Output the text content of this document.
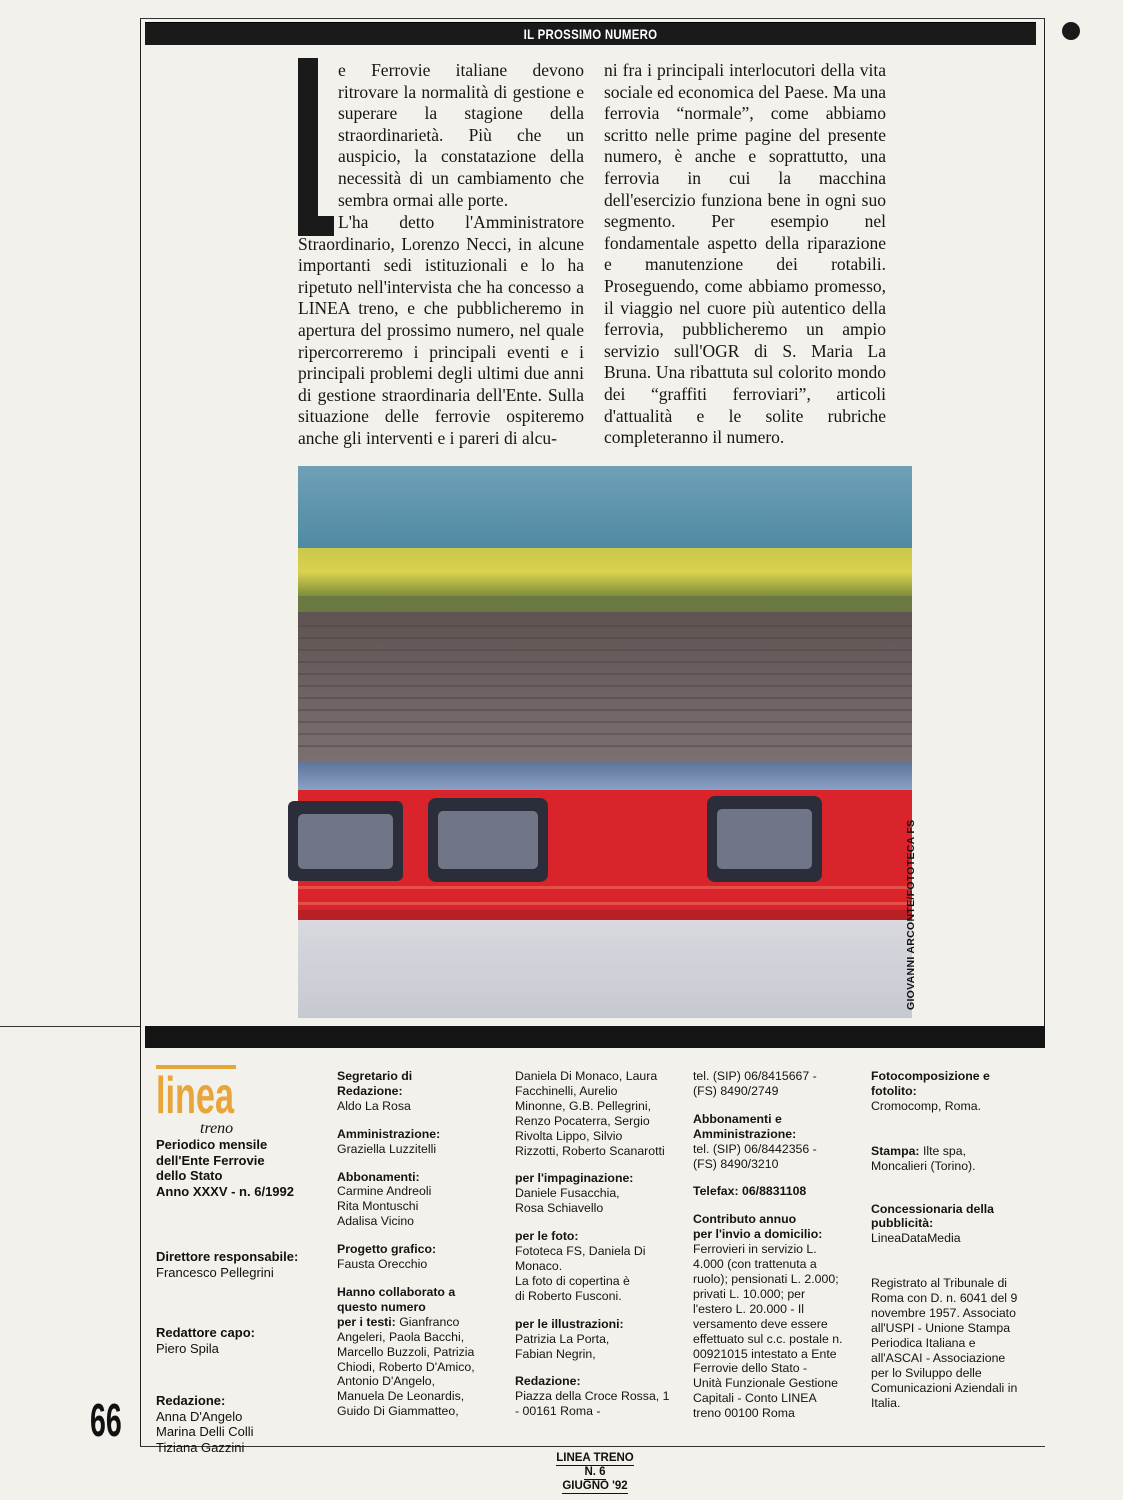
IL PROSSIMO NUMERO
e Ferrovie italiane devono ritrovare la normalità di gestione e superare la stagione della straordinarietà. Più che un auspicio, la constatazione della necessità di un cambiamento che sembra ormai alle porte.
L'ha detto l'Amministratore Straordinario, Lorenzo Necci, in alcune importanti sedi istituzionali e lo ha ripetuto nell'intervista che ha concesso a LINEA treno, e che pubblicheremo in apertura del prossimo numero, nel quale ripercorreremo i principali eventi e i principali problemi degli ultimi due anni di gestione straordinaria dell'Ente. Sulla situazione delle ferrovie ospiteremo anche gli interventi e i pareri di alcu-
ni fra i principali interlocutori della vita sociale ed economica del Paese. Ma una ferrovia “normale”, come abbiamo scritto nelle prime pagine del presente numero, è anche e soprattutto, una ferrovia in cui la macchina dell'esercizio funziona bene in ogni suo segmento. Per esempio nel fondamentale aspetto della riparazione e manutenzione dei rotabili. Proseguendo, come abbiamo promesso, il viaggio nel cuore più autentico della ferrovia, pubblicheremo un ampio servizio sull'OGR di S. Maria La Bruna. Una ribattuta sul colorito mondo dei “graffiti ferroviari”, articoli d'attualità e le solite rubriche completeranno il numero.
GIOVANNI ARCONTE/FOTOTECA FS
linea
treno

Periodico mensile

dell'Ente Ferrovie

dello Stato

Anno XXXV - n. 6/1992

Direttore responsabile:

Francesco Pellegrini

Redattore capo:

Piero Spila

Redazione:

Anna D'Angelo

Marina Delli Colli

Tiziana Gazzini

Segretario di
Redazione:
Aldo La Rosa
Amministrazione:
Graziella Luzzitelli
Abbonamenti:
Carmine Andreoli
Rita Montuschi
Adalisa Vicino
Progetto grafico:
Fausta Orecchio
Hanno collaborato a
questo numero
per i testi: Gianfranco
Angeleri, Paola Bacchi,
Marcello Buzzoli, Patrizia
Chiodi, Roberto D'Amico,
Antonio D'Angelo,
Manuela De Leonardis,
Guido Di Giammatteo,
Daniela Di Monaco, Laura
Facchinelli, Aurelio
Minonne, G.B. Pellegrini,
Renzo Pocaterra, Sergio
Rivolta Lippo, Silvio
Rizzotti, Roberto Scanarotti
per l'impaginazione:
Daniele Fusacchia,
Rosa Schiavello
per le foto:
Fototeca FS, Daniela Di
Monaco.
La foto di copertina è
di Roberto Fusconi.
per le illustrazioni:
Patrizia La Porta,
Fabian Negrin,
Redazione:
Piazza della Croce Rossa, 1
- 00161 Roma -
tel. (SIP) 06/8415667 -
(FS) 8490/2749
Abbonamenti e
Amministrazione:
tel. (SIP) 06/8442356 -
(FS) 8490/3210
Telefax: 06/8831108
Contributo annuo
per l'invio a domicilio:
Ferrovieri in servizio L.
4.000 (con trattenuta a
ruolo); pensionati L. 2.000;
privati L. 10.000; per
l'estero L. 20.000 - Il
versamento deve essere
effettuato sul c.c. postale n.
00921015 intestato a Ente
Ferrovie dello Stato -
Unità Funzionale Gestione
Capitali - Conto LINEA
treno 00100 Roma
Fotocomposizione e
fotolito:
Cromocomp, Roma.
Stampa: Ilte spa,
Moncalieri (Torino).
Concessionaria della
pubblicità:
LineaDataMedia
Registrato al Tribunale di
Roma con D. n. 6041 del 9
novembre 1957. Associato
all'USPI - Unione Stampa
Periodica Italiana e
all'ASCAI - Associazione
per lo Sviluppo delle
Comunicazioni Aziendali in
Italia.
66
LINEA TRENO
N. 6
GIUGNO '92
